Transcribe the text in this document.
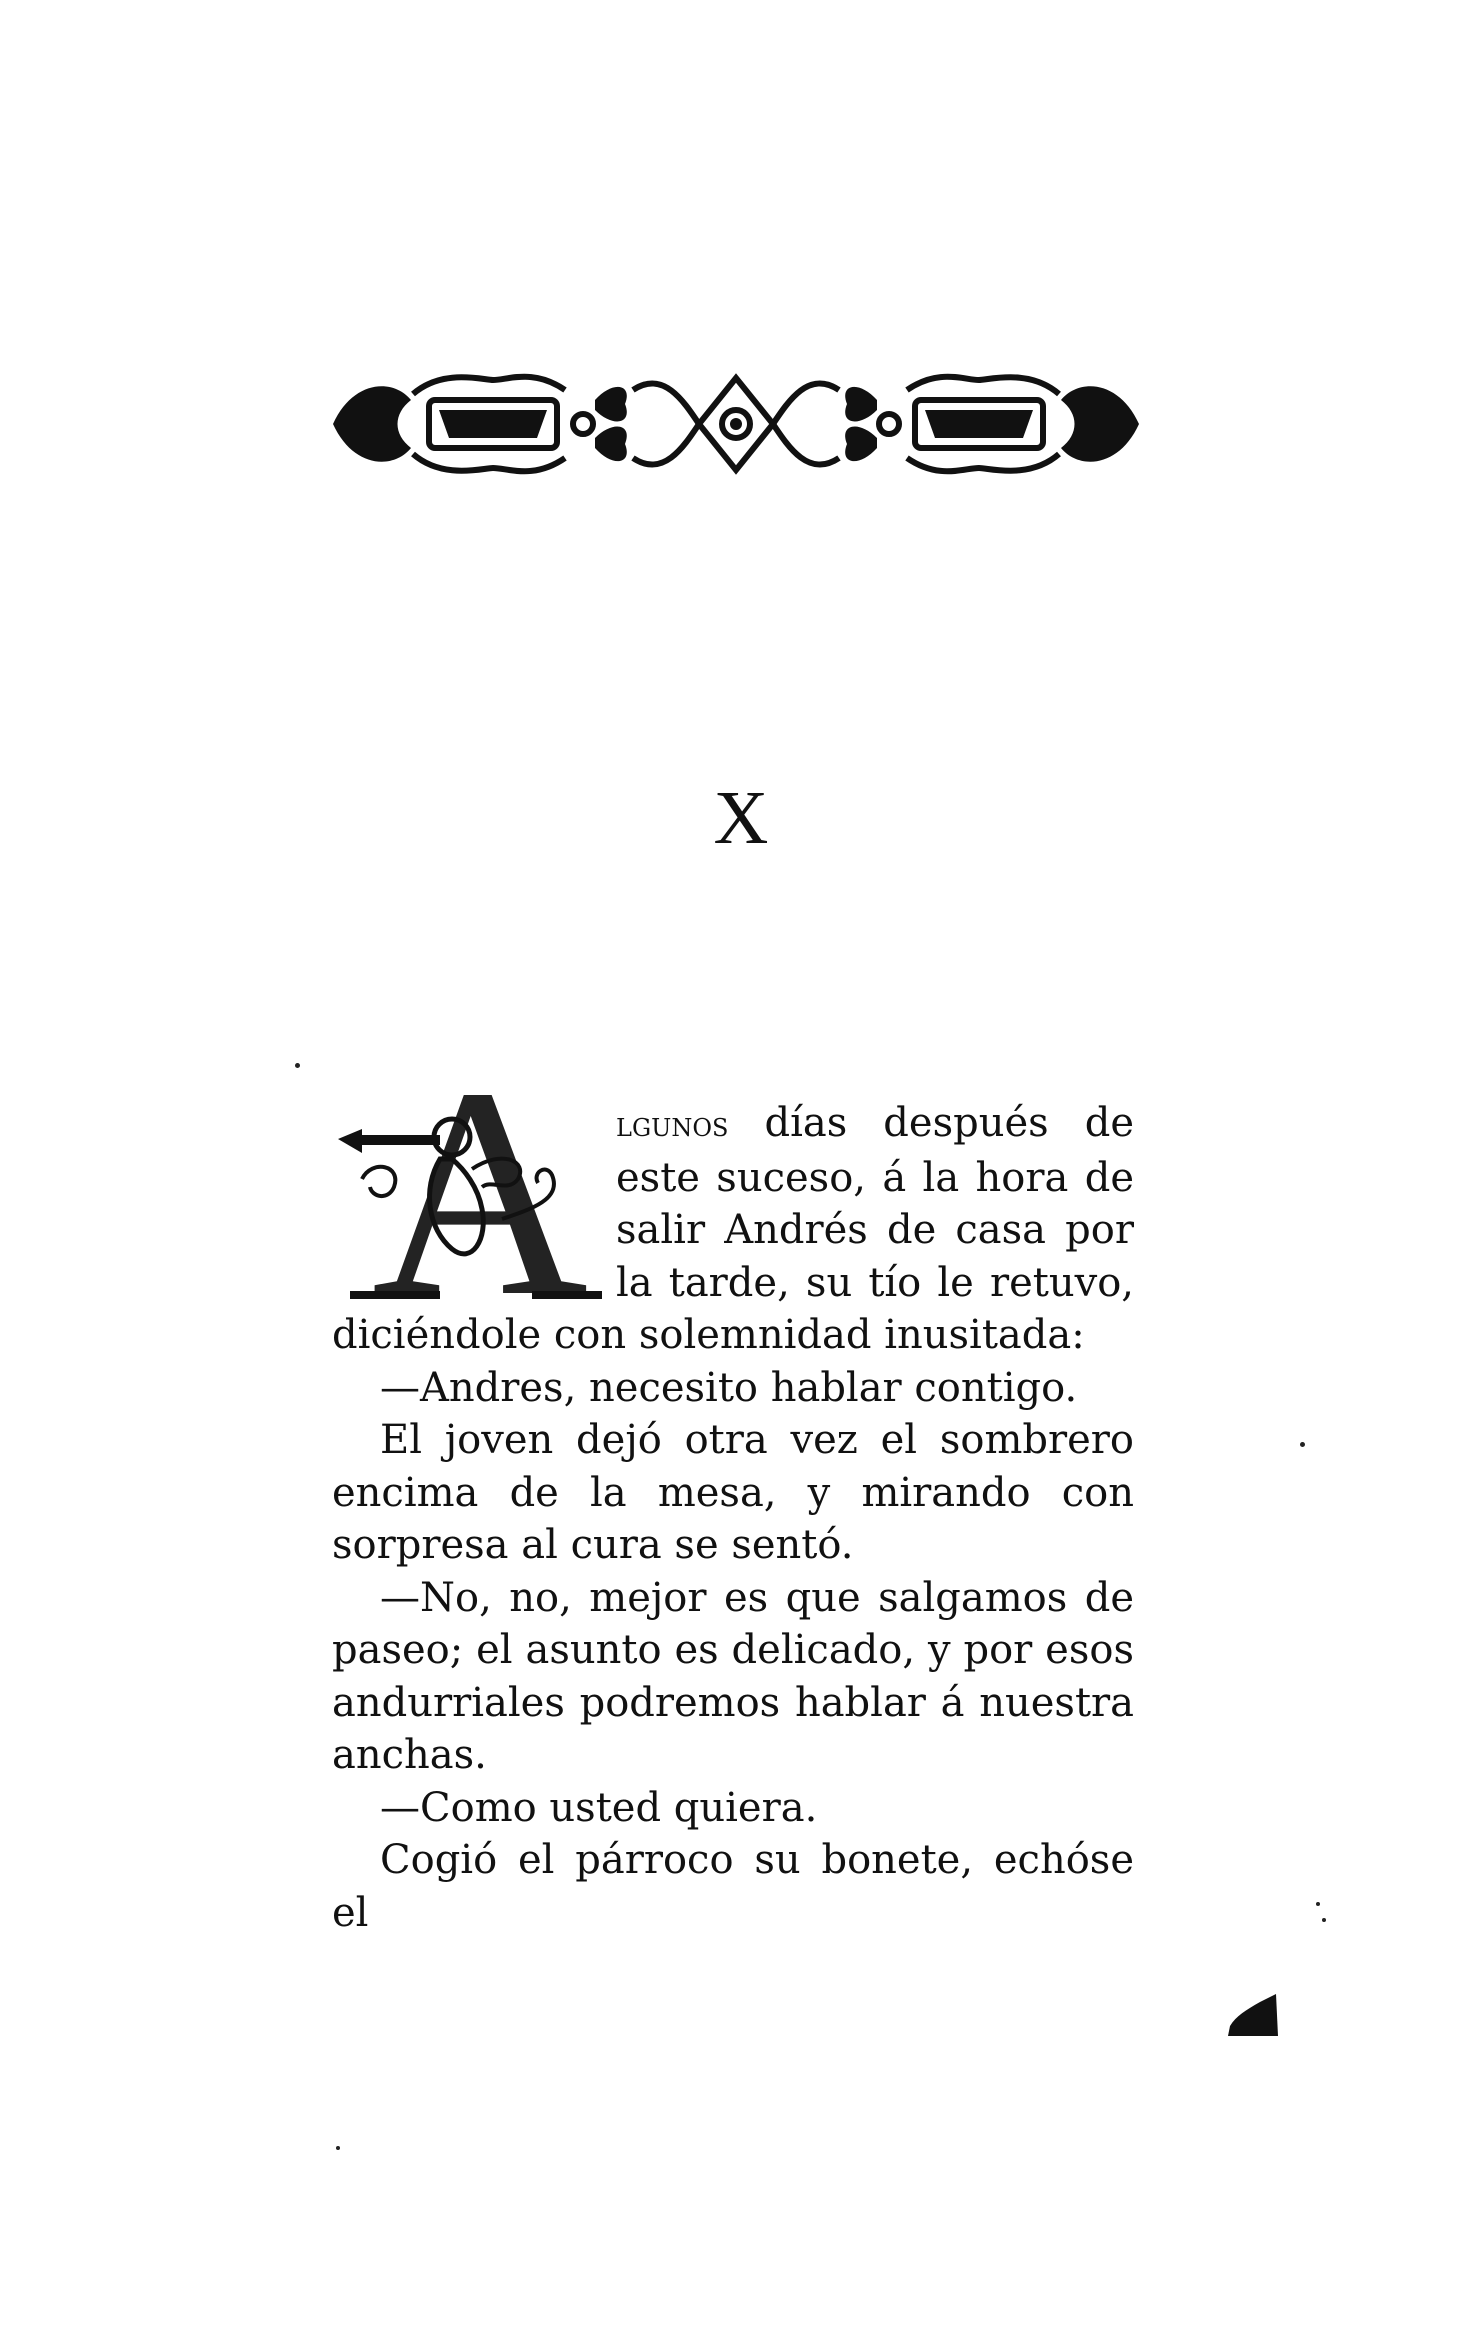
X
A lgunos días después de este suceso, á la hora de salir Andrés de casa por la tarde, su tío le retuvo, diciéndole con solemnidad inusitada:

—Andres, necesito hablar contigo.

El joven dejó otra vez el sombrero encima de la mesa, y mirando con sorpresa al cura se sentó.

—No, no, mejor es que salgamos de paseo; el asunto es delicado, y por esos andurriales podremos hablar á nuestra anchas.

—Como usted quiera.

Cogió el párroco su bonete, echóse el
